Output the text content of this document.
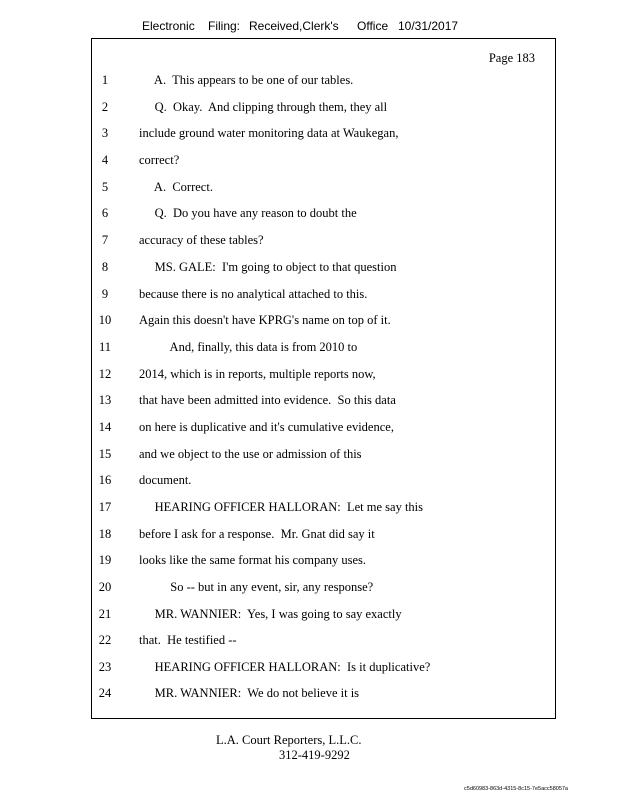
Electronic Filing: Received,Clerk's Office 10/31/2017
Page 183
1	A.  This appears to be one of our tables.
2	Q.  Okay.  And clipping through them, they all
3	include ground water monitoring data at Waukegan,
4	correct?
5	A.  Correct.
6	Q.  Do you have any reason to doubt the
7	accuracy of these tables?
8	MS. GALE:  I'm going to object to that question
9	because there is no analytical attached to this.
10	Again this doesn't have KPRG's name on top of it.
11	And, finally, this data is from 2010 to
12	2014, which is in reports, multiple reports now,
13	that have been admitted into evidence.  So this data
14	on here is duplicative and it's cumulative evidence,
15	and we object to the use or admission of this
16	document.
17	HEARING OFFICER HALLORAN:  Let me say this
18	before I ask for a response.  Mr. Gnat did say it
19	looks like the same format his company uses.
20	So -- but in any event, sir, any response?
21	MR. WANNIER:  Yes, I was going to say exactly
22	that.  He testified --
23	HEARING OFFICER HALLORAN:  Is it duplicative?
24	MR. WANNIER:  We do not believe it is
L.A. Court Reporters, L.L.C.
312-419-9292
c5d60983-863d-4315-8c15-7e5acc58057a
